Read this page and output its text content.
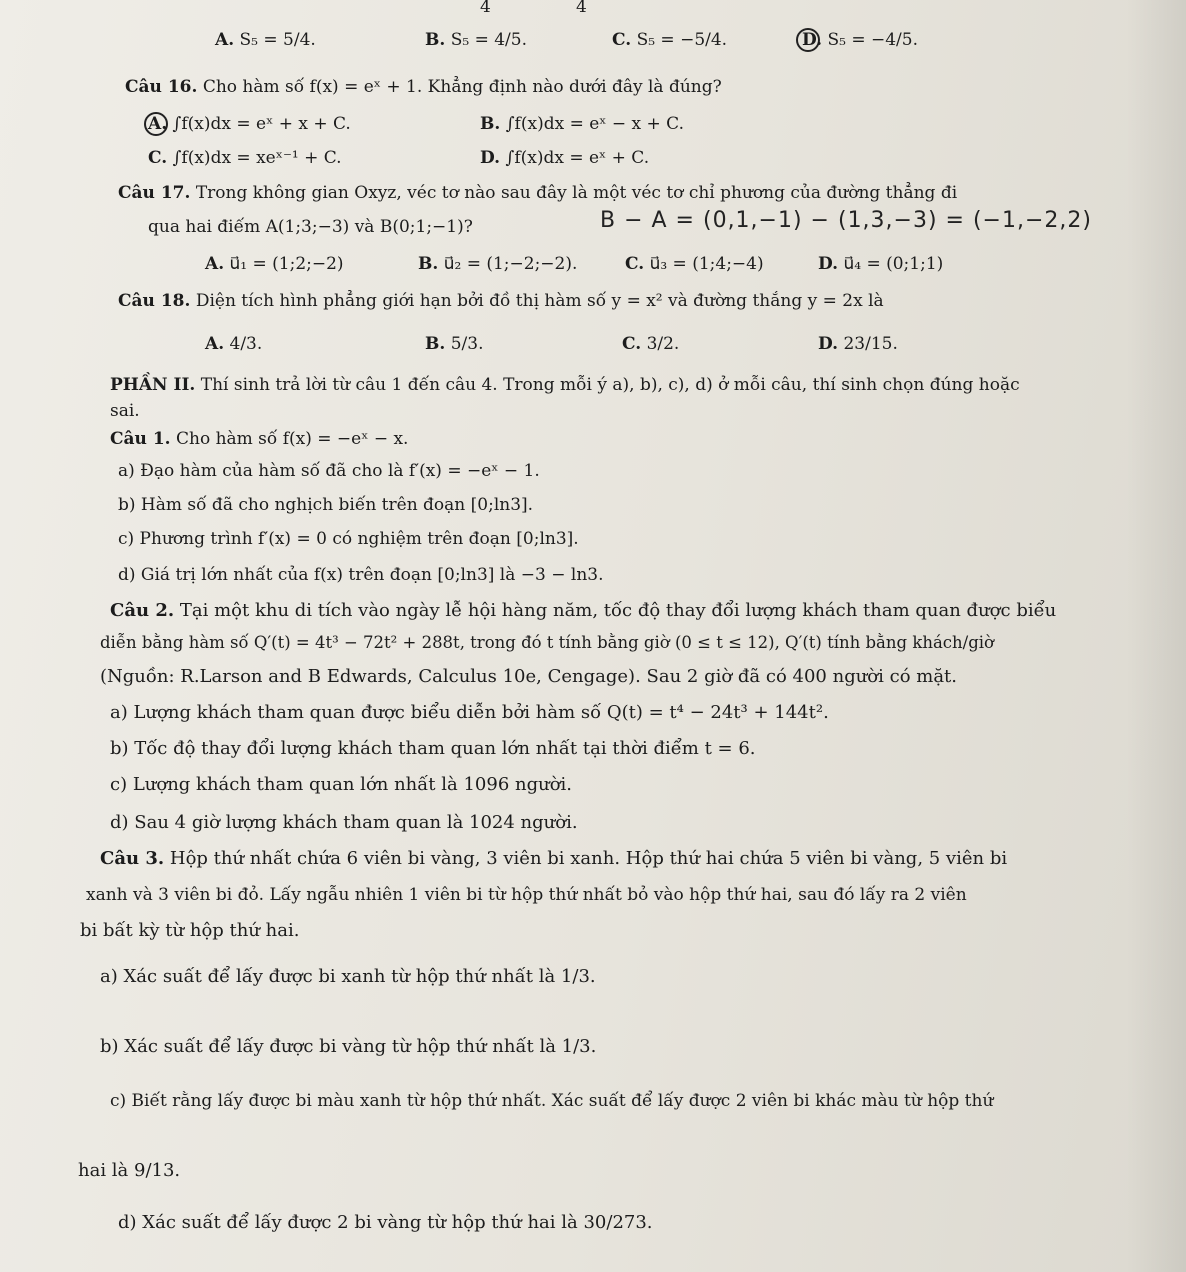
4	4
A. S₅ = 5/4.	B. S₅ = 4/5.	C. S₅ = −5/4.	D. S₅ = −4/5.
Câu 16. Cho hàm số f(x) = eˣ + 1. Khẳng định nào dưới đây là đúng?
A. ∫f(x)dx = eˣ + x + C.	B. ∫f(x)dx = eˣ − x + C.
C. ∫f(x)dx = xeˣ⁻¹ + C.	D. ∫f(x)dx = eˣ + C.
Câu 17. Trong không gian Oxyz, véc tơ nào sau đây là một véc tơ chỉ phương của đường thẳng đi
qua hai điếm A(1;3;−3) và B(0;1;−1)?	B − A = (0,1,−1) − (1,3,−3) = (−1,−2,2)
A. u⃗₁ = (1;2;−2)	B. u⃗₂ = (1;−2;−2).	C. u⃗₃ = (1;4;−4)	D. u⃗₄ = (0;1;1)
Câu 18. Diện tích hình phẳng giới hạn bởi đồ thị hàm số y = x² và đường thắng y = 2x là
A. 4/3.	B. 5/3.	C. 3/2.	D. 23/15.
PHẦN II. Thí sinh trả lời từ câu 1 đến câu 4. Trong mỗi ý a), b), c), d) ở mỗi câu, thí sinh chọn đúng hoặc
sai.
Câu 1. Cho hàm số f(x) = −eˣ − x.
a) Đạo hàm của hàm số đã cho là f′(x) = −eˣ − 1.
b) Hàm số đã cho nghịch biến trên đoạn [0;ln3].
c) Phương trình f′(x) = 0 có nghiệm trên đoạn [0;ln3].
d) Giá trị lớn nhất của f(x) trên đoạn [0;ln3] là −3 − ln3.
Câu 2. Tại một khu di tích vào ngày lễ hội hàng năm, tốc độ thay đổi lượng khách tham quan được biểu
diễn bằng hàm số Q′(t) = 4t³ − 72t² + 288t, trong đó t tính bằng giờ (0 ≤ t ≤ 12), Q′(t) tính bằng khách/giờ
(Nguồn: R.Larson and B Edwards, Calculus 10e, Cengage). Sau 2 giờ đã có 400 người có mặt.
a) Lượng khách tham quan được biểu diễn bởi hàm số Q(t) = t⁴ − 24t³ + 144t².
b) Tốc độ thay đổi lượng khách tham quan lớn nhất tại thời điểm t = 6.
c) Lượng khách tham quan lớn nhất là 1096 người.
d) Sau 4 giờ lượng khách tham quan là 1024 người.
Câu 3. Hộp thứ nhất chứa 6 viên bi vàng, 3 viên bi xanh. Hộp thứ hai chứa 5 viên bi vàng, 5 viên bi
xanh và 3 viên bi đỏ. Lấy ngẫu nhiên 1 viên bi từ hộp thứ nhất bỏ vào hộp thứ hai, sau đó lấy ra 2 viên
bi bất kỳ từ hộp thứ hai.
a) Xác suất để lấy được bi xanh từ hộp thứ nhất là 1/3.
b) Xác suất để lấy được bi vàng từ hộp thứ nhất là 1/3.
c) Biết rằng lấy được bi màu xanh từ hộp thứ nhất. Xác suất để lấy được 2 viên bi khác màu từ hộp thứ
hai là 9/13.
d) Xác suất để lấy được 2 bi vàng từ hộp thứ hai là 30/273.
